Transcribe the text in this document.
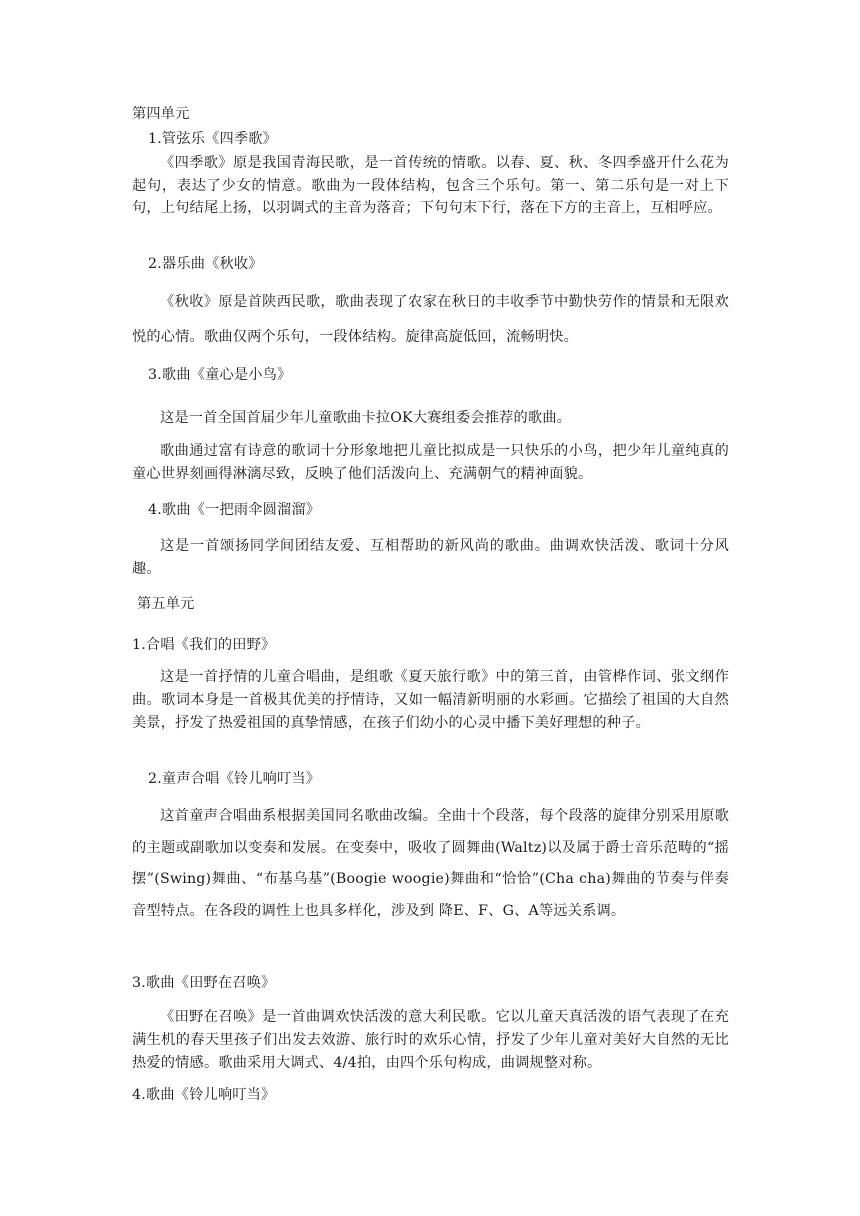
第四单元
1.管弦乐《四季歌》
《四季歌》原是我国青海民歌，是一首传统的情歌。以春、夏、秋、冬四季盛开什么花为起句，表达了少女的情意。歌曲为一段体结构，包含三个乐句。第一、第二乐句是一对上下句，上句结尾上扬，以羽调式的主音为落音；下句句末下行，落在下方的主音上，互相呼应。
2.器乐曲《秋收》
《秋收》原是首陕西民歌，歌曲表现了农家在秋日的丰收季节中勤快劳作的情景和无限欢悦的心情。歌曲仅两个乐句，一段体结构。旋律高旋低回，流畅明快。
3.歌曲《童心是小鸟》
这是一首全国首届少年儿童歌曲卡拉OK大赛组委会推荐的歌曲。
歌曲通过富有诗意的歌词十分形象地把儿童比拟成是一只快乐的小鸟，把少年儿童纯真的童心世界刻画得淋漓尽致，反映了他们活泼向上、充满朝气的精神面貌。
4.歌曲《一把雨伞圆溜溜》
这是一首颂扬同学间团结友爱、互相帮助的新风尚的歌曲。曲调欢快活泼、歌词十分风趣。
第五单元
1.合唱《我们的田野》
这是一首抒情的儿童合唱曲，是组歌《夏天旅行歌》中的第三首，由管桦作词、张文纲作曲。歌词本身是一首极其优美的抒情诗，又如一幅清新明丽的水彩画。它描绘了祖国的大自然美景，抒发了热爱祖国的真挚情感，在孩子们幼小的心灵中播下美好理想的种子。
2.童声合唱《铃儿响叮当》
这首童声合唱曲系根据美国同名歌曲改编。全曲十个段落，每个段落的旋律分别采用原歌的主题或副歌加以变奏和发展。在变奏中，吸收了圆舞曲(Waltz)以及属于爵士音乐范畴的“摇摆”(Swing)舞曲、“布基乌基”(Boogie woogie)舞曲和“恰恰”(Cha cha)舞曲的节奏与伴奏音型特点。在各段的调性上也具多样化，涉及到 降E、F、G、A等远关系调。
3.歌曲《田野在召唤》
《田野在召唤》是一首曲调欢快活泼的意大利民歌。它以儿童天真活泼的语气表现了在充满生机的春天里孩子们出发去效游、旅行时的欢乐心情，抒发了少年儿童对美好大自然的无比热爱的情感。歌曲采用大调式、4/4拍，由四个乐句构成，曲调规整对称。
4.歌曲《铃儿响叮当》
